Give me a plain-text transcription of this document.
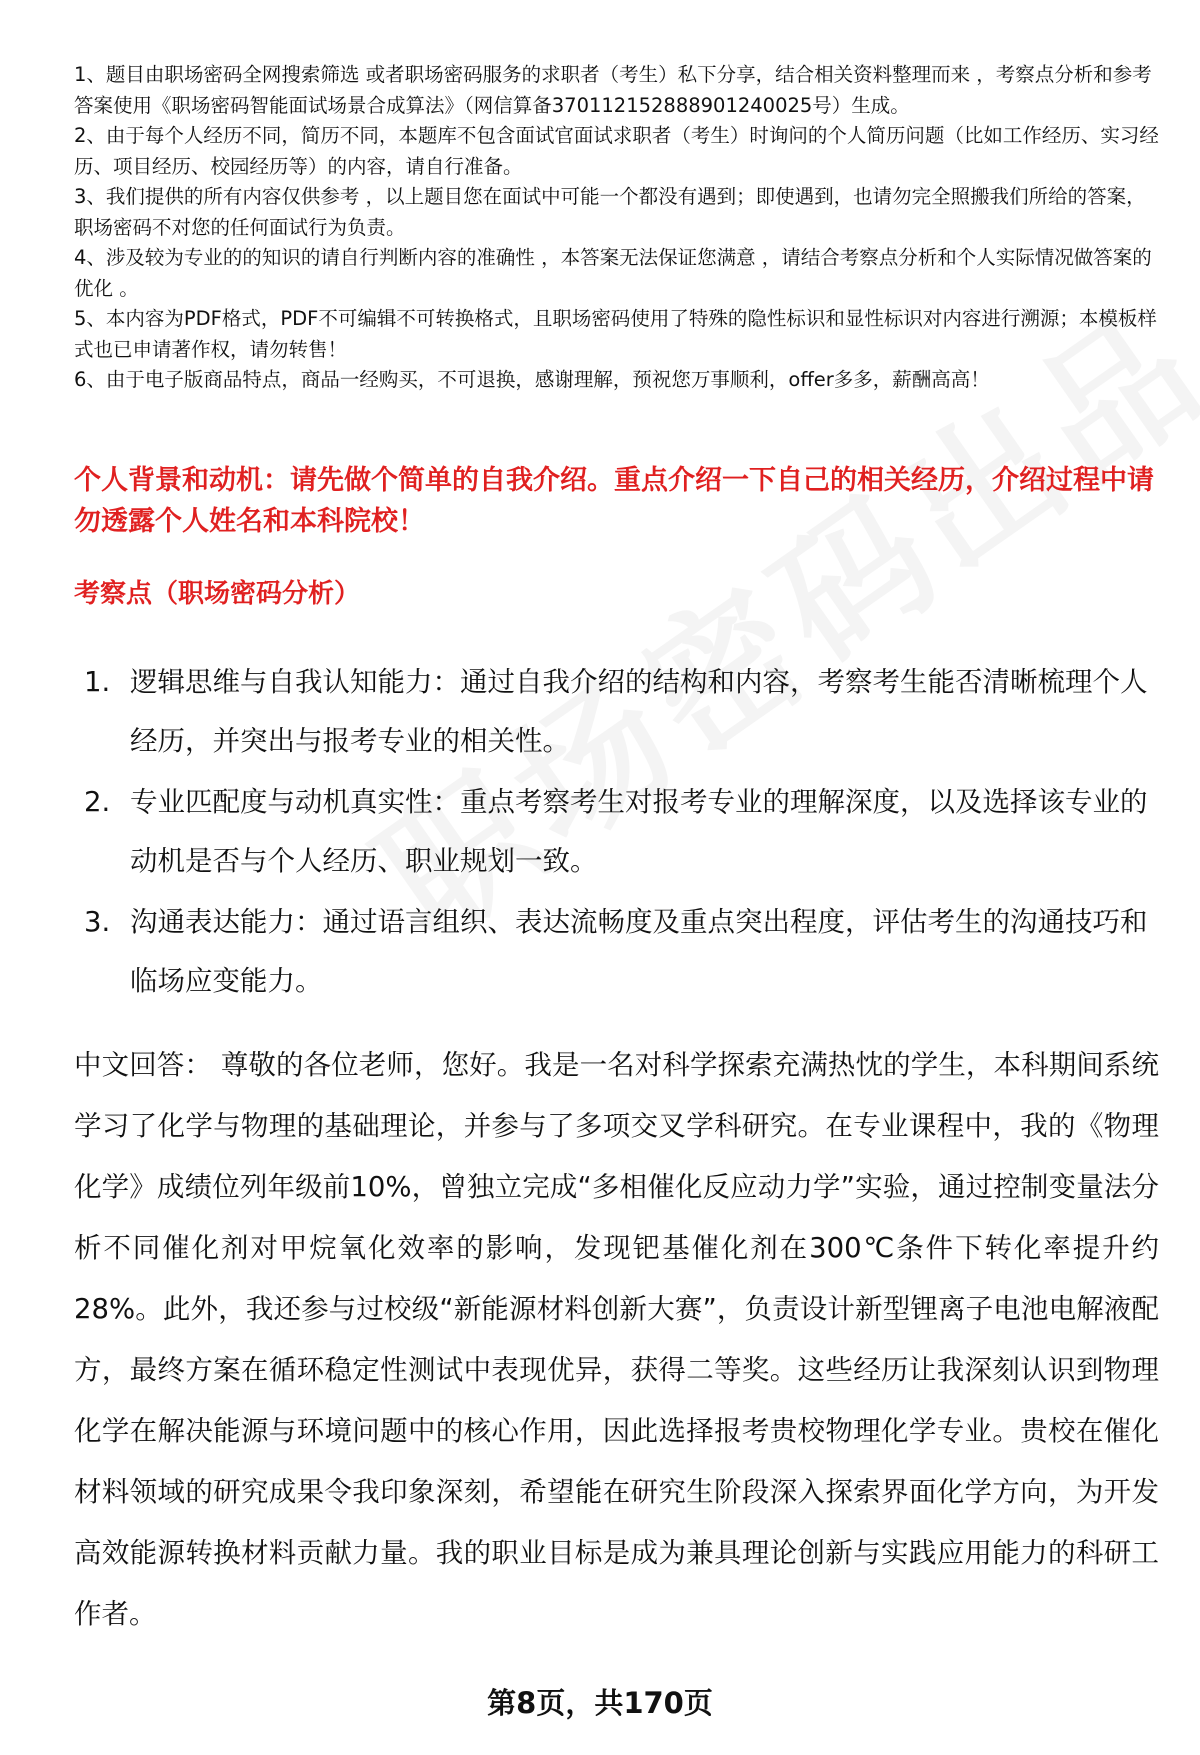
1、题目由职场密码全网搜索筛选 或者职场密码服务的求职者（考生）私下分享，结合相关资料整理而来 ，考察点分析和参考答案使用《职场密码智能面试场景合成算法》（网信算备370112152888901240025号）生成。

2、由于每个人经历不同，简历不同，本题库不包含面试官面试求职者（考生）时询问的个人简历问题（比如工作经历、实习经历、项目经历、校园经历等）的内容，请自行准备。

3、我们提供的所有内容仅供参考 ，以上题目您在面试中可能一个都没有遇到；即使遇到，也请勿完全照搬我们所给的答案，职场密码不对您的任何面试行为负责。

4、涉及较为专业的的知识的请自行判断内容的准确性 ，本答案无法保证您满意 ，请结合考察点分析和个人实际情况做答案的优化 。

5、本内容为PDF格式，PDF不可编辑不可转换格式，且职场密码使用了特殊的隐性标识和显性标识对内容进行溯源；本模板样式也已申请著作权，请勿转售！

6、由于电子版商品特点，商品一经购买，不可退换，感谢理解，预祝您万事顺利，offer多多，薪酬高高！

个人背景和动机：请先做个简单的自我介绍。重点介绍一下自己的相关经历，介绍过程中请勿透露个人姓名和本科院校！
考察点（职场密码分析）
1. 逻辑思维与自我认知能力：通过自我介绍的结构和内容，考察考生能否清晰梳理个人经历，并突出与报考专业的相关性。
2. 专业匹配度与动机真实性：重点考察考生对报考专业的理解深度，以及选择该专业的动机是否与个人经历、职业规划一致。
3. 沟通表达能力：通过语言组织、表达流畅度及重点突出程度，评估考生的沟通技巧和临场应变能力。

中文回答： 尊敬的各位老师，您好。我是一名对科学探索充满热忱的学生，本科期间系统学习了化学与物理的基础理论，并参与了多项交叉学科研究。在专业课程中，我的《物理化学》成绩位列年级前10%，曾独立完成“多相催化反应动力学”实验，通过控制变量法分析不同催化剂对甲烷氧化效率的影响，发现钯基催化剂在300℃条件下转化率提升约28%。此外，我还参与过校级“新能源材料创新大赛”，负责设计新型锂离子电池电解液配方，最终方案在循环稳定性测试中表现优异，获得二等奖。这些经历让我深刻认识到物理化学在解决能源与环境问题中的核心作用，因此选择报考贵校物理化学专业。贵校在催化材料领域的研究成果令我印象深刻，希望能在研究生阶段深入探索界面化学方向，为开发高效能源转换材料贡献力量。我的职业目标是成为兼具理论创新与实践应用能力的科研工作者。

第8页，共170页
